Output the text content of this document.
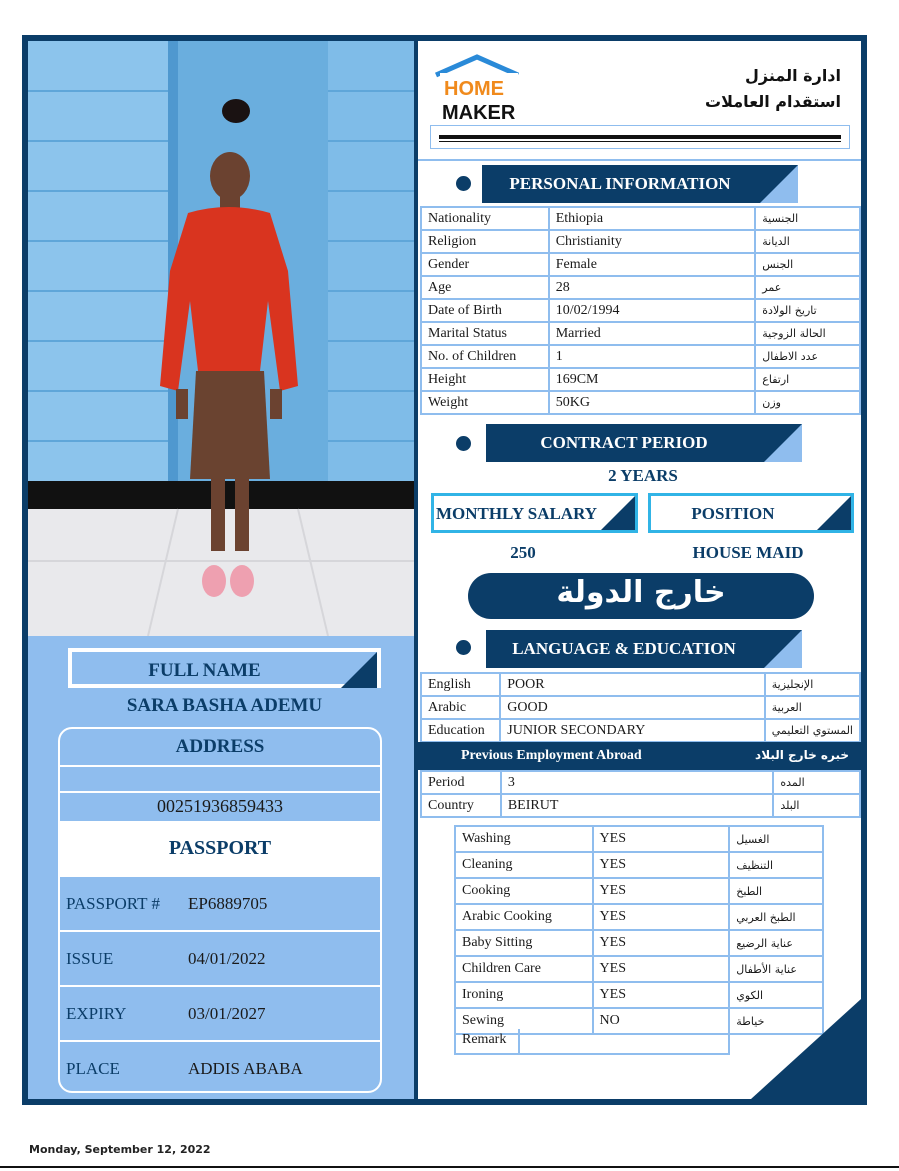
FULL NAME
SARA BASHA ADEMU
ADDRESS
00251936859433
PASSPORT
PASSPORT # EP6889705
ISSUE	04/01/2022
EXPIRY	03/01/2027
PLACE	ADDIS ABABA
HOME
MAKER
ادارة المنزل
استقدام العاملات
PERSONAL INFORMATION
Nationality	Ethiopia	الجنسية
Religion	Christianity	الديانة
Gender	Female	الجنس
Age	28	عمر
Date of Birth	10/02/1994	تاريخ الولادة
Marital Status	Married	الحالة الزوجية
No. of Children	1	عدد الاطفال
Height	169CM	ارتفاع
Weight	50KG	وزن
CONTRACT PERIOD
2 YEARS
MONTHLY SALARY	POSITION
250	HOUSE MAID
خارج الدولة
LANGUAGE & EDUCATION
English	POOR	الإنجليزية
Arabic	GOOD	العربية
Education	JUNIOR SECONDARY	المستوي التعليمي
Previous Employment Abroad	خبره خارج البلاد
Period	3	المده
Country	BEIRUT	البلد
Washing	YES	الغسيل
Cleaning	YES	التنظيف
Cooking	YES	الطبخ
Arabic Cooking	YES	الطبخ العربي
Baby Sitting	YES	عناية الرضيع
Children Care	YES	عناية الأطفال
Ironing	YES	الكوي
Sewing	NO	خياطة
Remark
Monday, September 12, 2022
